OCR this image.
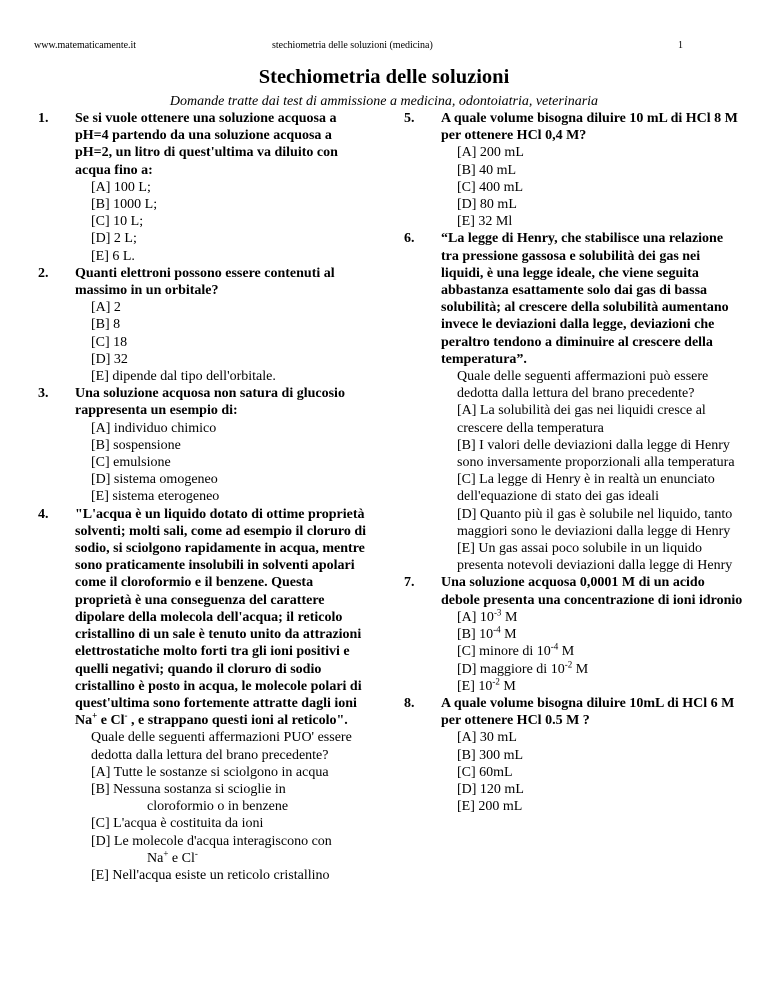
www.matematicamente.it	stechiometria delle soluzioni (medicina)	1
Stechiometria delle soluzioni
Domande tratte dai test di ammissione a medicina, odontoiatria, veterinaria
1. Se si vuole ottenere una soluzione acquosa a pH=4 partendo da una soluzione acquosa a pH=2, un litro di quest'ultima va diluito con acqua fino a:
[A] 100 L;
[B] 1000 L;
[C] 10 L;
[D] 2 L;
[E] 6 L.
2. Quanti elettroni possono essere contenuti al massimo in un orbitale?
[A] 2
[B] 8
[C] 18
[D] 32
[E] dipende dal tipo dell'orbitale.
3. Una soluzione acquosa non satura di glucosio rappresenta un esempio di:
[A] individuo chimico
[B] sospensione
[C] emulsione
[D] sistema omogeneo
[E] sistema eterogeneo
4. "L'acqua è un liquido dotato di ottime proprietà solventi; molti sali, come ad esempio il cloruro di sodio, si sciolgono rapidamente in acqua, mentre sono praticamente insolubili in solventi apolari come il cloroformio e il benzene. Questa proprietà è una conseguenza del carattere dipolare della molecola dell'acqua; il reticolo cristallino di un sale è tenuto unito da attrazioni elettrostatiche molto forti tra gli ioni positivi e quelli negativi; quando il cloruro di sodio cristallino è posto in acqua, le molecole polari di quest'ultima sono fortemente attratte dagli ioni Na+ e Cl- , e strappano questi ioni al reticolo".
Quale delle seguenti affermazioni PUO' essere dedotta dalla lettura del brano precedente?
[A] Tutte le sostanze si sciolgono in acqua
[B] Nessuna sostanza si scioglie in
cloroformio o in benzene
[C] L'acqua è costituita da ioni
[D] Le molecole d'acqua interagiscono con
Na+ e Cl-
[E] Nell'acqua esiste un reticolo cristallino
5. A quale volume bisogna diluire 10 mL di HCl 8 M per ottenere HCl 0,4 M?
[A] 200 mL
[B] 40 mL
[C] 400 mL
[D] 80 mL
[E] 32 Ml
6. “La legge di Henry, che stabilisce una relazione tra pressione gassosa e solubilità dei gas nei liquidi, è una legge ideale, che viene seguita abbastanza esattamente solo dai gas di bassa solubilità; al crescere della solubilità aumentano invece le deviazioni dalla legge, deviazioni che peraltro tendono a diminuire al crescere della temperatura”.
Quale delle seguenti affermazioni può essere dedotta dalla lettura del brano precedente?
[A] La solubilità dei gas nei liquidi cresce al crescere della temperatura
[B] I valori delle deviazioni dalla legge di Henry sono inversamente proporzionali alla temperatura
[C] La legge di Henry è in realtà un enunciato dell'equazione di stato dei gas ideali
[D] Quanto più il gas è solubile nel liquido, tanto maggiori sono le deviazioni dalla legge di Henry
[E] Un gas assai poco solubile in un liquido presenta notevoli deviazioni dalla legge di Henry
7. Una soluzione acquosa 0,0001 M di un acido debole presenta una concentrazione di ioni idronio
[A] $10^{-3}$ M
[B] $10^{-4}$ M
[C] minore di $10^{-4}$ M
[D] maggiore di $10^{-2}$ M
[E] $10^{-2}$ M
8. A quale volume bisogna diluire 10mL di HCl 6 M per ottenere HCl 0.5 M ?
[A] 30 mL
[B] 300 mL
[C] 60mL
[D] 120 mL
[E] 200 mL
